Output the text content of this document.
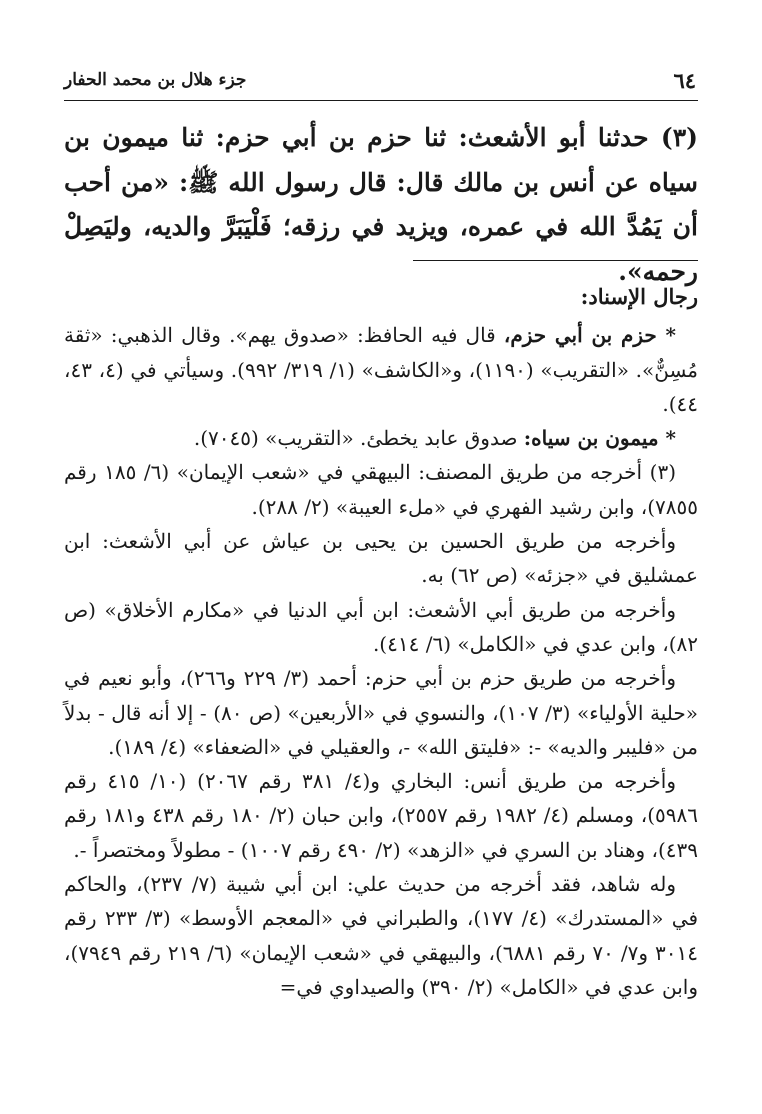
٦٤
جزء هلال بن محمد الحفار

(٣) حدثنا أبو الأشعث: ثنا حزم بن أبي حزم: ثنا ميمون بن سياه عن أنس بن مالك قال: قال رسول الله ﷺ: «من أحب أن يَمُدَّ الله في عمره، ويزيد في رزقه؛ فَلْيَبَرَّ والديه، وليَصِلْ رحمه».

رجال الإسناد:

* حزم بن أبي حزم، قال فيه الحافظ: «صدوق يهم». وقال الذهبي: «ثقة مُسِنٌّ». «التقريب» (١١٩٠)، و«الكاشف» (١/ ٣١٩/ ٩٩٢). وسيأتي في (٤، ٤٣، ٤٤).

* ميمون بن سياه: صدوق عابد يخطئ. «التقريب» (٧٠٤٥).

(٣) أخرجه من طريق المصنف: البيهقي في «شعب الإيمان» (٦/ ١٨٥ رقم ٧٨٥٥)، وابن رشيد الفهري في «ملء العيبة» (٢/ ٢٨٨).

وأخرجه من طريق الحسين بن يحيى بن عياش عن أبي الأشعث: ابن عمشليق في «جزئه» (ص ٦٢) به.

وأخرجه من طريق أبي الأشعث: ابن أبي الدنيا في «مكارم الأخلاق» (ص ٨٢)، وابن عدي في «الكامل» (٦/ ٤١٤).

وأخرجه من طريق حزم بن أبي حزم: أحمد (٣/ ٢٢٩ و٢٦٦)، وأبو نعيم في «حلية الأولياء» (٣/ ١٠٧)، والنسوي في «الأربعين» (ص ٨٠) - إلا أنه قال - بدلاً من «فليبر والديه» -: «فليتق الله» -، والعقيلي في «الضعفاء» (٤/ ١٨٩).

وأخرجه من طريق أنس: البخاري و(٤/ ٣٨١ رقم ٢٠٦٧) (١٠/ ٤١٥ رقم ٥٩٨٦)، ومسلم (٤/ ١٩٨٢ رقم ٢٥٥٧)، وابن حبان (٢/ ١٨٠ رقم ٤٣٨ و١٨١ رقم ٤٣٩)، وهناد بن السري في «الزهد» (٢/ ٤٩٠ رقم ١٠٠٧) - مطولاً ومختصراً -.

وله شاهد، فقد أخرجه من حديث علي: ابن أبي شيبة (٧/ ٢٣٧)، والحاكم في «المستدرك» (٤/ ١٧٧)، والطبراني في «المعجم الأوسط» (٣/ ٢٣٣ رقم ٣٠١٤ و٧/ ٧٠ رقم ٦٨٨١)، والبيهقي في «شعب الإيمان» (٦/ ٢١٩ رقم ٧٩٤٩)، وابن عدي في «الكامل» (٢/ ٣٩٠) والصيداوي في=
